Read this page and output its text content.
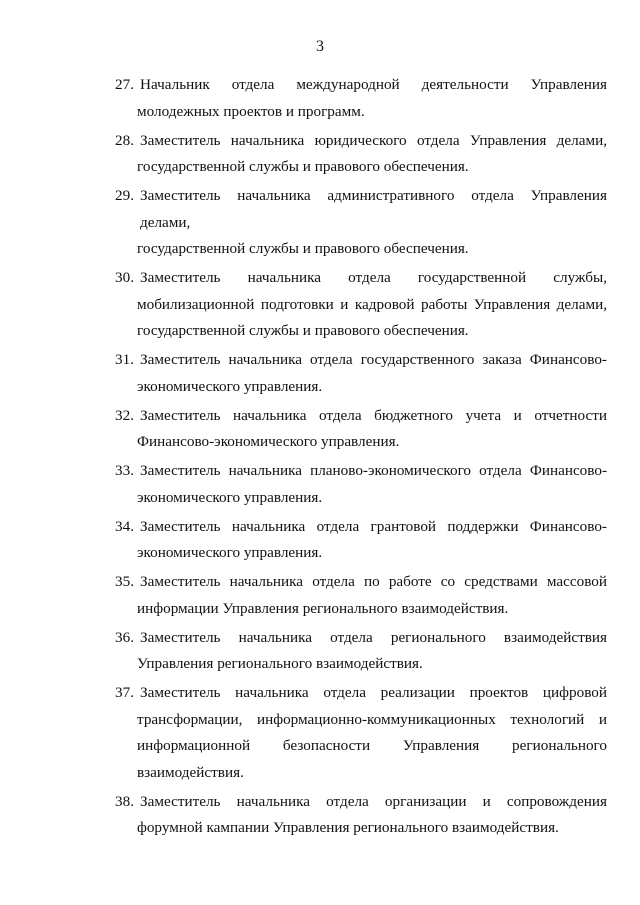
3
27. Начальник отдела международной деятельности Управления
молодежных проектов и программ.
28. Заместитель начальника юридического отдела Управления делами,
государственной службы и правового обеспечения.
29. Заместитель начальника административного отдела Управления делами,
государственной службы и правового обеспечения.
30. Заместитель начальника отдела государственной службы,
мобилизационной подготовки и кадровой работы Управления делами, государственной службы и правового обеспечения.
31. Заместитель начальника отдела государственного заказа Финансово-
экономического управления.
32. Заместитель начальника отдела бюджетного учета и отчетности
Финансово-экономического управления.
33. Заместитель начальника планово-экономического отдела Финансово-
экономического управления.
34. Заместитель начальника отдела грантовой поддержки Финансово-
экономического управления.
35. Заместитель начальника отдела по работе со средствами массовой
информации Управления регионального взаимодействия.
36. Заместитель начальника отдела регионального взаимодействия
Управления регионального взаимодействия.
37. Заместитель начальника отдела реализации проектов цифровой
трансформации, информационно-коммуникационных технологий и информационной безопасности Управления регионального взаимодействия.
38. Заместитель начальника отдела организации и сопровождения
форумной кампании Управления регионального взаимодействия.
